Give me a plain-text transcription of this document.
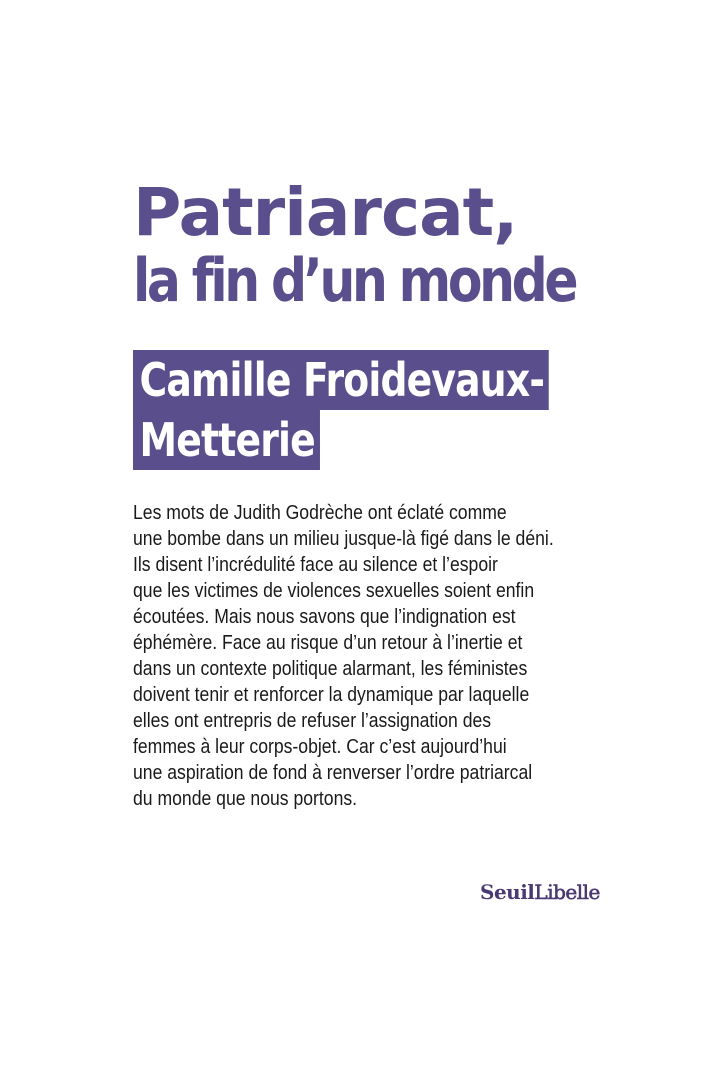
Patriarcat,
la fin d’un monde
Camille Froidevaux-
Metterie
Les mots de Judith Godrèche ont éclaté comme
une bombe dans un milieu jusque-là figé dans le déni.
Ils disent l’incrédulité face au silence et l’espoir
que les victimes de violences sexuelles soient enfin
écoutées. Mais nous savons que l’indignation est
éphémère. Face au risque d’un retour à l’inertie et
dans un contexte politique alarmant, les féministes
doivent tenir et renforcer la dynamique par laquelle
elles ont entrepris de refuser l’assignation des
femmes à leur corps-objet. Car c’est aujourd’hui
une aspiration de fond à renverser l’ordre patriarcal
du monde que nous portons.
SeuilLibelle
